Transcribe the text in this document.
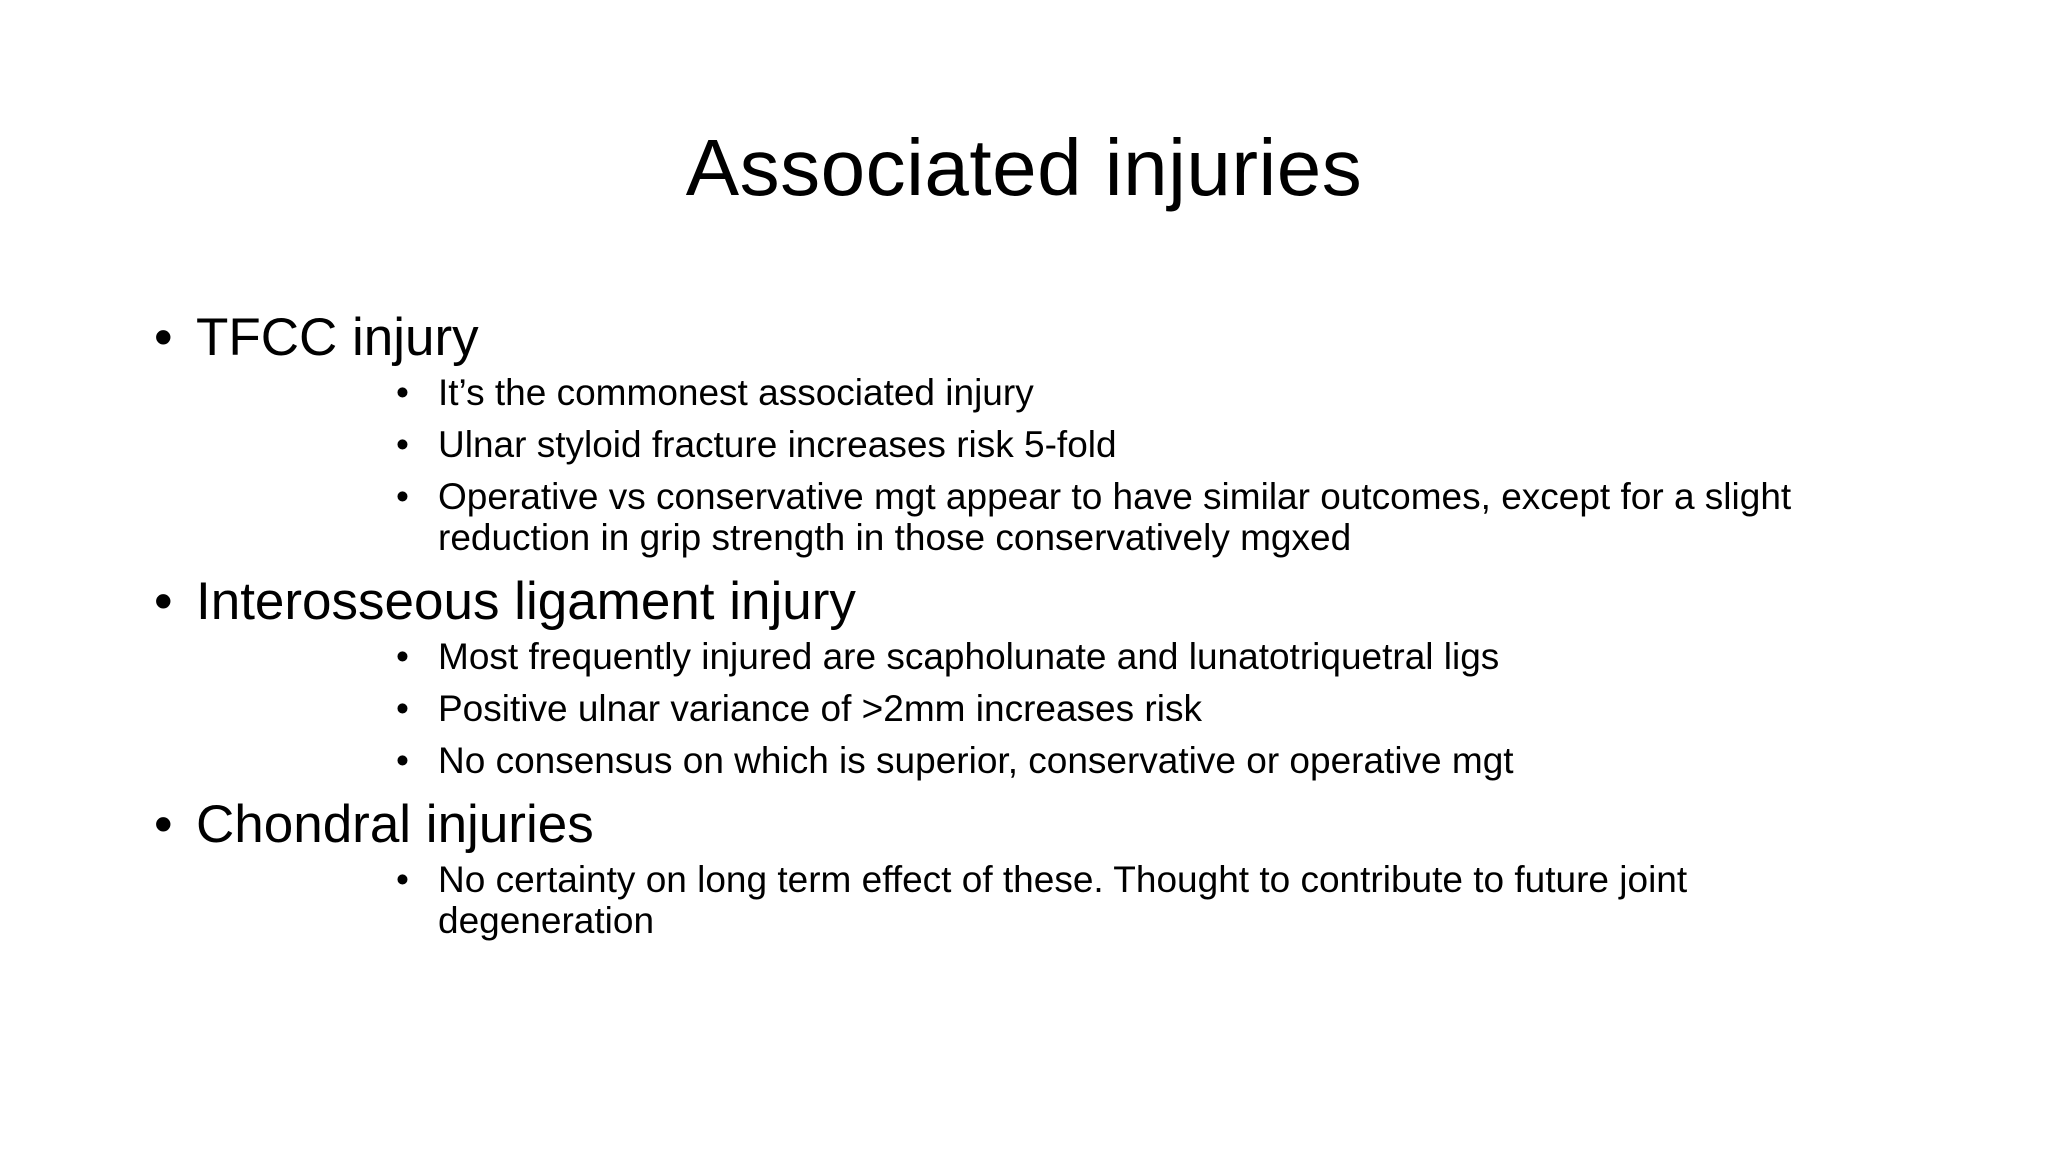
Associated injuries
• TFCC injury
• It’s the commonest associated injury
• Ulnar styloid fracture increases risk 5-fold
• Operative vs conservative mgt appear to have similar outcomes, except for a slight reduction in grip strength in those conservatively mgxed
• Interosseous ligament injury
• Most frequently injured are scapholunate and lunatotriquetral ligs
• Positive ulnar variance of >2mm increases risk
• No consensus on which is superior, conservative or operative mgt
• Chondral injuries
• No certainty on long term effect of these. Thought to contribute to future joint degeneration
